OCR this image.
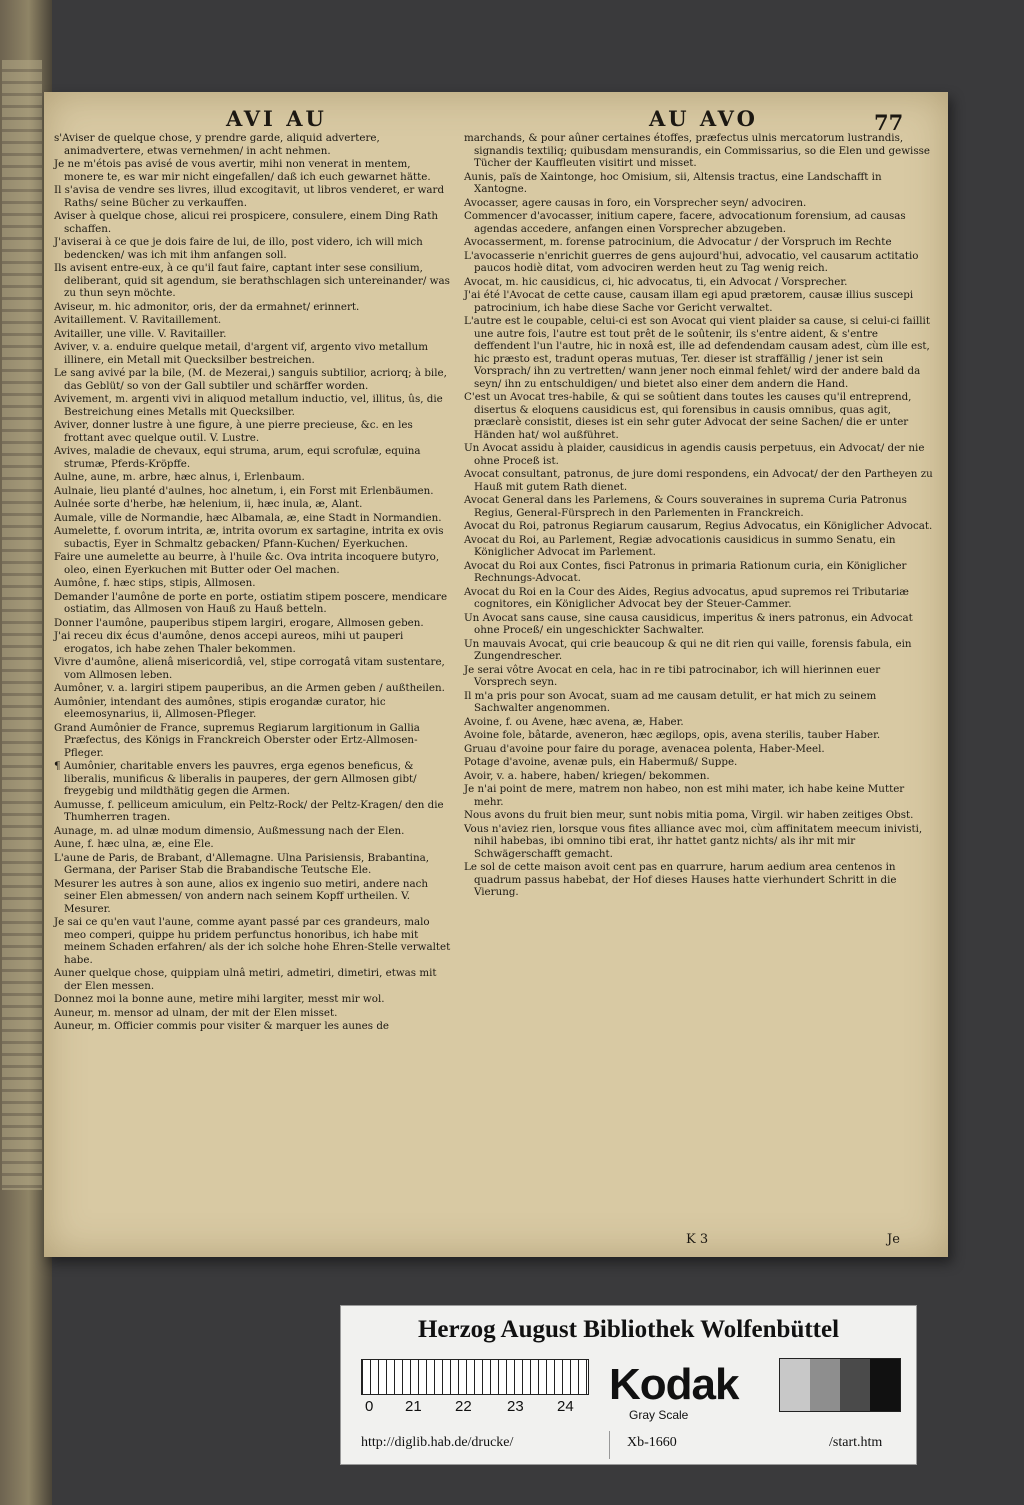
AVI AU	AU AVO	77
s'Aviser de quelque chose, y prendre garde, aliquid advertere, animadvertere, etwas vernehmen/ in acht nehmen.
Je ne m'étois pas avisé de vous avertir, mihi non venerat in mentem, monere te, es war mir nicht eingefallen/ daß ich euch gewarnet hätte.
Il s'avisa de vendre ses livres, illud excogitavit, ut libros venderet, er ward Raths/ seine Bücher zu verkauffen.
Aviser à quelque chose, alicui rei prospicere, consulere, einem Ding Rath schaffen.
J'aviserai à ce que je dois faire de lui, de illo, post videro, ich will mich bedencken/ was ich mit ihm anfangen soll.
Ils avisent entre-eux, à ce qu'il faut faire, captant inter sese consilium, deliberant, quid sit agendum, sie berathschlagen sich untereinander/ was zu thun seyn möchte.
Aviseur, m. hic admonitor, oris, der da ermahnet/ erinnert.
Avitaillement. V. Ravitaillement.
Avitailler, une ville. V. Ravitailler.
Aviver, v. a. enduire quelque metail, d'argent vif, argento vivo metallum illinere, ein Metall mit Quecksilber bestreichen.
Le sang avivé par la bile, (M. de Mezerai,) sanguis subtilior, acriorq; à bile, das Geblüt/ so von der Gall subtiler und schärffer worden.
Avivement, m. argenti vivi in aliquod metallum inductio, vel, illitus, ûs, die Bestreichung eines Metalls mit Quecksilber.
Aviver, donner lustre à une figure, à une pierre precieuse, &c. en les frottant avec quelque outil. V. Lustre.
Avives, maladie de chevaux, equi struma, arum, equi scrofulæ, equina strumæ, Pferds-Kröpffe.
Aulne, aune, m. arbre, hæc alnus, i, Erlenbaum.
Aulnaie, lieu planté d'aulnes, hoc alnetum, i, ein Forst mit Erlenbäumen.
Aulnée sorte d'herbe, hæ helenium, ii, hæc inula, æ, Alant.
Aumale, ville de Normandie, hæc Albamala, æ, eine Stadt in Normandien.
Aumelette, f. ovorum intrita, æ, intrita ovorum ex sartagine, intrita ex ovis subactis, Eyer in Schmaltz gebacken/ Pfann-Kuchen/ Eyerkuchen.
Faire une aumelette au beurre, à l'huile &c. Ova intrita incoquere butyro, oleo, einen Eyerkuchen mit Butter oder Oel machen.
Aumône, f. hæc stips, stipis, Allmosen.
Demander l'aumône de porte en porte, ostiatim stipem poscere, mendicare ostiatim, das Allmosen von Hauß zu Hauß betteln.
Donner l'aumône, pauperibus stipem largiri, erogare, Allmosen geben.
J'ai receu dix écus d'aumône, denos accepi aureos, mihi ut pauperi erogatos, ich habe zehen Thaler bekommen.
Vivre d'aumône, alienâ misericordiâ, vel, stipe corrogatâ vitam sustentare, vom Allmosen leben.
Aumôner, v. a. largiri stipem pauperibus, an die Armen geben / außtheilen.
Aumônier, intendant des aumônes, stipis erogandæ curator, hic eleemosynarius, ii, Allmosen-Pfleger.
Grand Aumônier de France, supremus Regiarum largitionum in Gallia Præfectus, des Königs in Franckreich Oberster oder Ertz-Allmosen-Pfleger.
¶ Aumônier, charitable envers les pauvres, erga egenos beneficus, & liberalis, munificus & liberalis in pauperes, der gern Allmosen gibt/ freygebig und mildthätig gegen die Armen.
Aumusse, f. pelliceum amiculum, ein Peltz-Rock/ der Peltz-Kragen/ den die Thumherren tragen.
Aunage, m. ad ulnæ modum dimensio, Außmessung nach der Elen.
Aune, f. hæc ulna, æ, eine Ele.
L'aune de Paris, de Brabant, d'Allemagne. Ulna Parisiensis, Brabantina, Germana, der Pariser Stab die Brabandische Teutsche Ele.
Mesurer les autres à son aune, alios ex ingenio suo metiri, andere nach seiner Elen abmessen/ von andern nach seinem Kopff urtheilen. V. Mesurer.
Je sai ce qu'en vaut l'aune, comme ayant passé par ces grandeurs, malo meo comperi, quippe hu pridem perfunctus honoribus, ich habe mit meinem Schaden erfahren/ als der ich solche hohe Ehren-Stelle verwaltet habe.
Auner quelque chose, quippiam ulnâ metiri, admetiri, dimetiri, etwas mit der Elen messen.
Donnez moi la bonne aune, metire mihi largiter, messt mir wol.
Auneur, m. mensor ad ulnam, der mit der Elen misset.
Auneur, m. Officier commis pour visiter & marquer les aunes de
marchands, & pour aûner certaines étoffes, præfectus ulnis mercatorum lustrandis, signandis textiliq; quibusdam mensurandis, ein Commissarius, so die Elen und gewisse Tücher der Kauffleuten visitirt und misset.
Aunis, païs de Xaintonge, hoc Omisium, sii, Altensis tractus, eine Landschafft in Xantogne.
Avocasser, agere causas in foro, ein Vorsprecher seyn/ advociren.
Commencer d'avocasser, initium capere, facere, advocationum forensium, ad causas agendas accedere, anfangen einen Vorsprecher abzugeben.
Avocasserment, m. forense patrocinium, die Advocatur / der Vorspruch im Rechte
L'avocasserie n'enrichit guerres de gens aujourd'hui, advocatio, vel causarum actitatio paucos hodiè ditat, vom advociren werden heut zu Tag wenig reich.
Avocat, m. hic causidicus, ci, hic advocatus, ti, ein Advocat / Vorsprecher.
J'ai été l'Avocat de cette cause, causam illam egi apud prætorem, causæ illius suscepi patrocinium, ich habe diese Sache vor Gericht verwaltet.
L'autre est le coupable, celui-ci est son Avocat qui vient plaider sa cause, si celui-ci faillit une autre fois, l'autre est tout prêt de le soûtenir, ils s'entre aident, & s'entre deffendent l'un l'autre, hic in noxâ est, ille ad defendendam causam adest, cùm ille est, hic præsto est, tradunt operas mutuas, Ter. dieser ist straffällig / jener ist sein Vorsprach/ ihn zu vertretten/ wann jener noch einmal fehlet/ wird der andere bald da seyn/ ihn zu entschuldigen/ und bietet also einer dem andern die Hand.
C'est un Avocat tres-habile, & qui se soûtient dans toutes les causes qu'il entreprend, disertus & eloquens causidicus est, qui forensibus in causis omnibus, quas agit, præclarè consistit, dieses ist ein sehr guter Advocat der seine Sachen/ die er unter Händen hat/ wol außführet.
Un Avocat assidu à plaider, causidicus in agendis causis perpetuus, ein Advocat/ der nie ohne Proceß ist.
Avocat consultant, patronus, de jure domi respondens, ein Advocat/ der den Partheyen zu Hauß mit gutem Rath dienet.
Avocat General dans les Parlemens, & Cours souveraines in suprema Curia Patronus Regius, General-Fürsprech in den Parlementen in Franckreich.
Avocat du Roi, patronus Regiarum causarum, Regius Advocatus, ein Königlicher Advocat.
Avocat du Roi, au Parlement, Regiæ advocationis causidicus in summo Senatu, ein Königlicher Advocat im Parlement.
Avocat du Roi aux Contes, fisci Patronus in primaria Rationum curia, ein Königlicher Rechnungs-Advocat.
Avocat du Roi en la Cour des Aides, Regius advocatus, apud supremos rei Tributariæ cognitores, ein Königlicher Advocat bey der Steuer-Cammer.
Un Avocat sans cause, sine causa causidicus, imperitus & iners patronus, ein Advocat ohne Proceß/ ein ungeschickter Sachwalter.
Un mauvais Avocat, qui crie beaucoup & qui ne dit rien qui vaille, forensis fabula, ein Zungendrescher.
Je serai vôtre Avocat en cela, hac in re tibi patrocinabor, ich will hierinnen euer Vorsprech seyn.
Il m'a pris pour son Avocat, suam ad me causam detulit, er hat mich zu seinem Sachwalter angenommen.
Avoine, f. ou Avene, hæc avena, æ, Haber.
Avoine fole, bâtarde, aveneron, hæc ægilops, opis, avena sterilis, tauber Haber.
Gruau d'avoine pour faire du porage, avenacea polenta, Haber-Meel.
Potage d'avoine, avenæ puls, ein Habermuß/ Suppe.
Avoir, v. a. habere, haben/ kriegen/ bekommen.
Je n'ai point de mere, matrem non habeo, non est mihi mater, ich habe keine Mutter mehr.
Nous avons du fruit bien meur, sunt nobis mitia poma, Virgil. wir haben zeitiges Obst.
Vous n'aviez rien, lorsque vous fites alliance avec moi, cùm affinitatem meecum inivisti, nihil habebas, ibi omnino tibi erat, ihr hattet gantz nichts/ als ihr mit mir Schwägerschafft gemacht.
Le sol de cette maison avoit cent pas en quarrure, harum aedium area centenos in quadrum passus habebat, der Hof dieses Hauses hatte vierhundert Schritt in die Vierung.
K 3	Je
Herzog August Bibliothek Wolfenbüttel
0 21 22 23 24 Kodak
Gray Scale
http://diglib.hab.de/drucke/	Xb-1660	/start.htm
